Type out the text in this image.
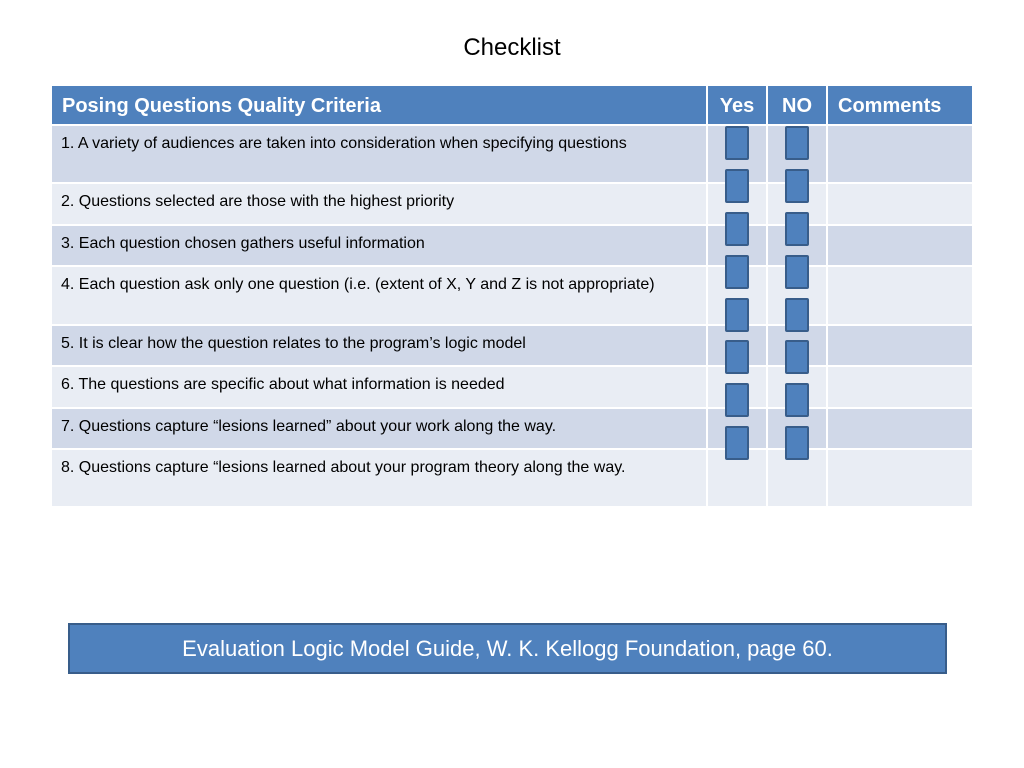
Checklist
Posing Questions Quality Criteria	Yes	NO	Comments
1. A variety of audiences are taken into consideration when specifying questions
2. Questions selected are those with the highest priority
3. Each question chosen gathers useful information
4. Each question ask only one question (i.e. (extent of X, Y and Z is not appropriate)
5. It is clear how the question relates to the program’s logic model
6. The questions are specific about what information is needed
7. Questions capture “lesions learned” about your work along the way.
8. Questions capture “lesions learned about your program theory along the way.
Evaluation Logic Model Guide, W. K. Kellogg Foundation, page 60.
